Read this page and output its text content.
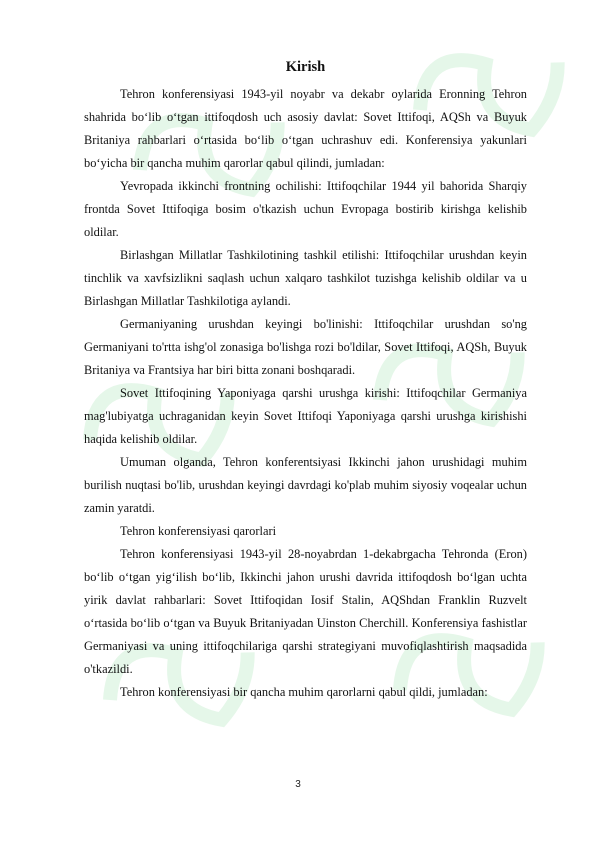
Kirish

Tehron konferensiyasi 1943-yil noyabr va dekabr oylarida Eronning Tehron shahrida bo‘lib o‘tgan ittifoqdosh uch asosiy davlat: Sovet Ittifoqi, AQSh va Buyuk Britaniya rahbarlari o‘rtasida bo‘lib o‘tgan uchrashuv edi. Konferensiya yakunlari bo‘yicha bir qancha muhim qarorlar qabul qilindi, jumladan:

Yevropada ikkinchi frontning ochilishi: Ittifoqchilar 1944 yil bahorida Sharqiy frontda Sovet Ittifoqiga bosim o'tkazish uchun Evropaga bostirib kirishga kelishib oldilar.

Birlashgan Millatlar Tashkilotining tashkil etilishi: Ittifoqchilar urushdan keyin tinchlik va xavfsizlikni saqlash uchun xalqaro tashkilot tuzishga kelishib oldilar va u Birlashgan Millatlar Tashkilotiga aylandi.

Germaniyaning urushdan keyingi bo'linishi: Ittifoqchilar urushdan so'ng Germaniyani to'rtta ishg'ol zonasiga bo'lishga rozi bo'ldilar, Sovet Ittifoqi, AQSh, Buyuk Britaniya va Frantsiya har biri bitta zonani boshqaradi.

Sovet Ittifoqining Yaponiyaga qarshi urushga kirishi: Ittifoqchilar Germaniya mag'lubiyatga uchraganidan keyin Sovet Ittifoqi Yaponiyaga qarshi urushga kirishishi haqida kelishib oldilar.

Umuman olganda, Tehron konferentsiyasi Ikkinchi jahon urushidagi muhim burilish nuqtasi bo'lib, urushdan keyingi davrdagi ko'plab muhim siyosiy voqealar uchun zamin yaratdi.

Tehron konferensiyasi qarorlari

Tehron konferensiyasi 1943-yil 28-noyabrdan 1-dekabrgacha Tehronda (Eron) bo‘lib o‘tgan yig‘ilish bo‘lib, Ikkinchi jahon urushi davrida ittifoqdosh bo‘lgan uchta yirik davlat rahbarlari: Sovet Ittifoqidan Iosif Stalin, AQShdan Franklin Ruzvelt o‘rtasida bo‘lib o‘tgan va Buyuk Britaniyadan Uinston Cherchill. Konferensiya fashistlar Germaniyasi va uning ittifoqchilariga qarshi strategiyani muvofiqlashtirish maqsadida o'tkazildi.

Tehron konferensiyasi bir qancha muhim qarorlarni qabul qildi, jumladan:

3
